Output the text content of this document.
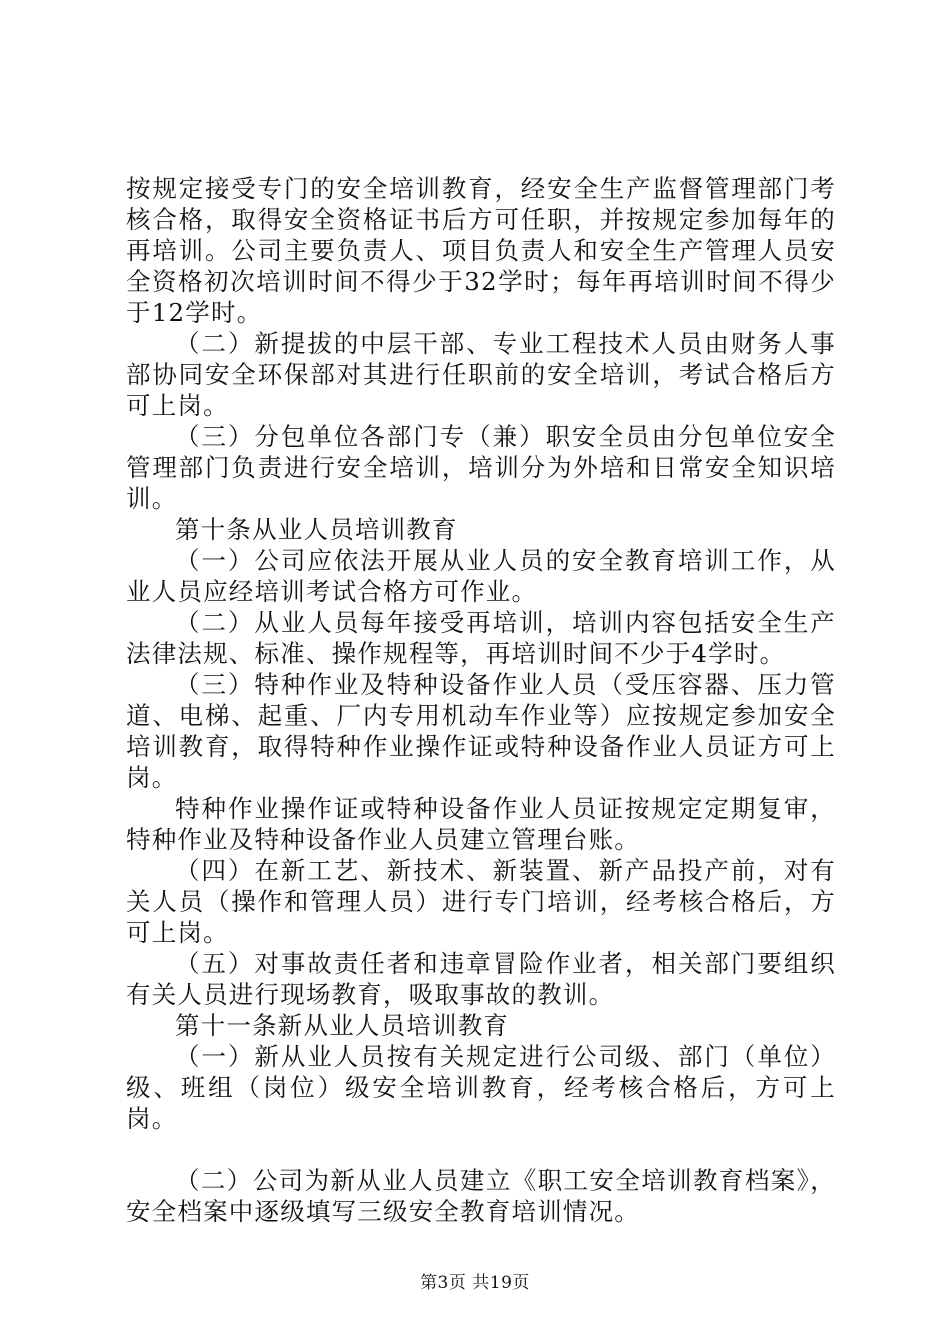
按规定接受专门的安全培训教育，经安全生产监督管理部门考核合格，取得安全资格证书后方可任职，并按规定参加每年的再培训。公司主要负责人、项目负责人和安全生产管理人员安全资格初次培训时间不得少于32学时；每年再培训时间不得少于12学时。

（二）新提拔的中层干部、专业工程技术人员由财务人事部协同安全环保部对其进行任职前的安全培训，考试合格后方可上岗。

（三）分包单位各部门专（兼）职安全员由分包单位安全管理部门负责进行安全培训，培训分为外培和日常安全知识培训。

第十条从业人员培训教育

（一）公司应依法开展从业人员的安全教育培训工作，从业人员应经培训考试合格方可作业。

（二）从业人员每年接受再培训，培训内容包括安全生产法律法规、标准、操作规程等，再培训时间不少于4学时。

（三）特种作业及特种设备作业人员（受压容器、压力管道、电梯、起重、厂内专用机动车作业等）应按规定参加安全培训教育，取得特种作业操作证或特种设备作业人员证方可上岗。

特种作业操作证或特种设备作业人员证按规定定期复审，特种作业及特种设备作业人员建立管理台账。

（四）在新工艺、新技术、新装置、新产品投产前，对有关人员（操作和管理人员）进行专门培训，经考核合格后，方可上岗。

（五）对事故责任者和违章冒险作业者，相关部门要组织有关人员进行现场教育，吸取事故的教训。

第十一条新从业人员培训教育

（一）新从业人员按有关规定进行公司级、部门（单位）级、班组（岗位）级安全培训教育，经考核合格后，方可上岗。

（二）公司为新从业人员建立《职工安全培训教育档案》，安全档案中逐级填写三级安全教育培训情况。

第3页 共19页
